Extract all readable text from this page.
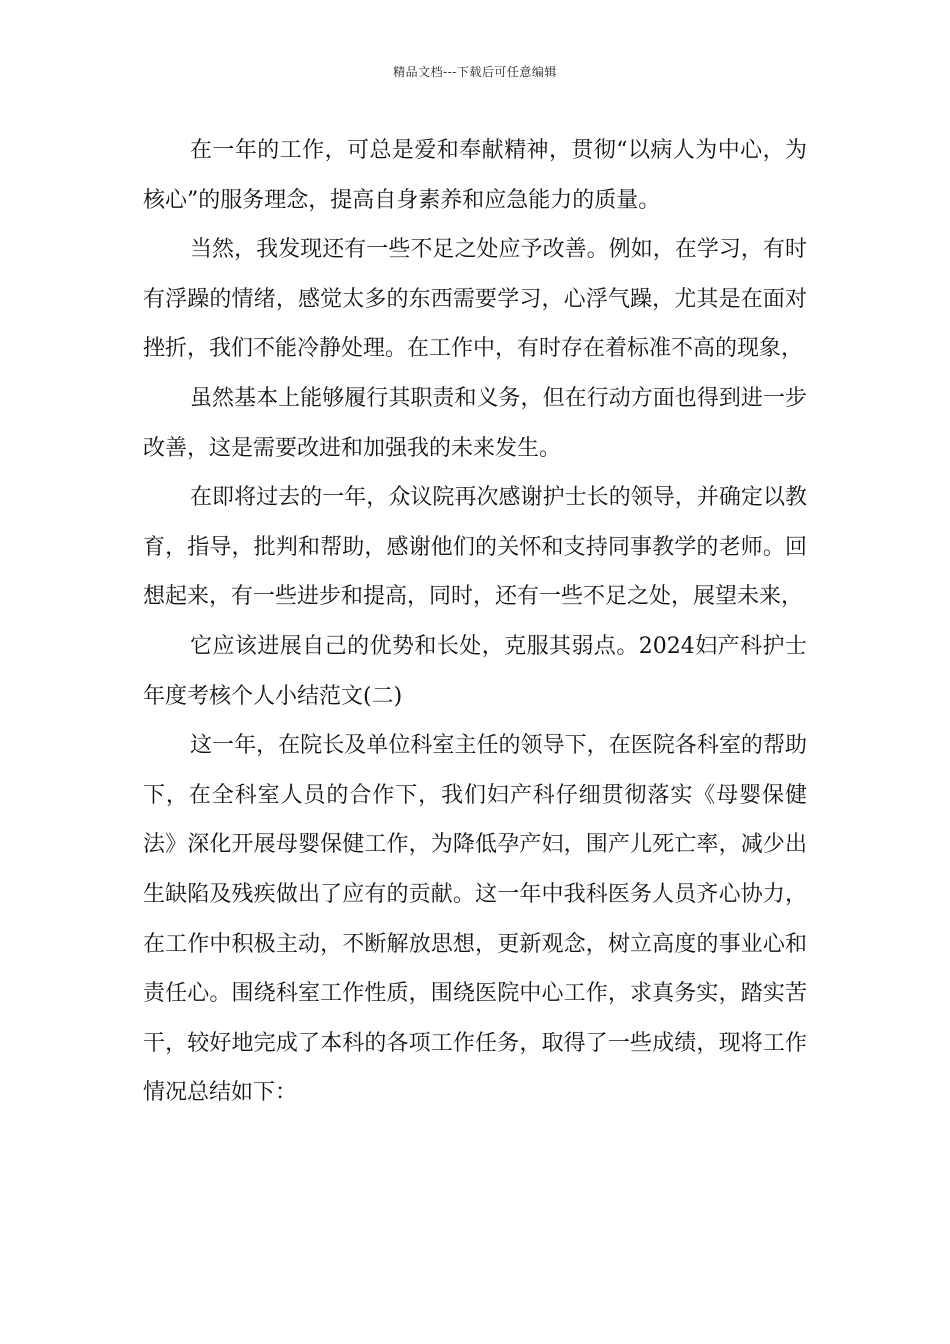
精品文档---下载后可任意编辑

在一年的工作，可总是爱和奉献精神，贯彻“以病人为中心，为核心”的服务理念，提高自身素养和应急能力的质量。

当然，我发现还有一些不足之处应予改善。例如，在学习，有时有浮躁的情绪，感觉太多的东西需要学习，心浮气躁，尤其是在面对挫折，我们不能冷静处理。在工作中，有时存在着标准不高的现象，

虽然基本上能够履行其职责和义务，但在行动方面也得到进一步改善，这是需要改进和加强我的未来发生。

在即将过去的一年，众议院再次感谢护士长的领导，并确定以教育，指导，批判和帮助，感谢他们的关怀和支持同事教学的老师。回想起来，有一些进步和提高，同时，还有一些不足之处，展望未来，

它应该进展自己的优势和长处，克服其弱点。2024妇产科护士年度考核个人小结范文(二)

这一年，在院长及单位科室主任的领导下，在医院各科室的帮助下，在全科室人员的合作下，我们妇产科仔细贯彻落实《母婴保健法》深化开展母婴保健工作，为降低孕产妇，围产儿死亡率，减少出生缺陷及残疾做出了应有的贡献。这一年中我科医务人员齐心协力，在工作中积极主动，不断解放思想，更新观念，树立高度的事业心和责任心。围绕科室工作性质，围绕医院中心工作，求真务实，踏实苦干，较好地完成了本科的各项工作任务，取得了一些成绩，现将工作情况总结如下：
